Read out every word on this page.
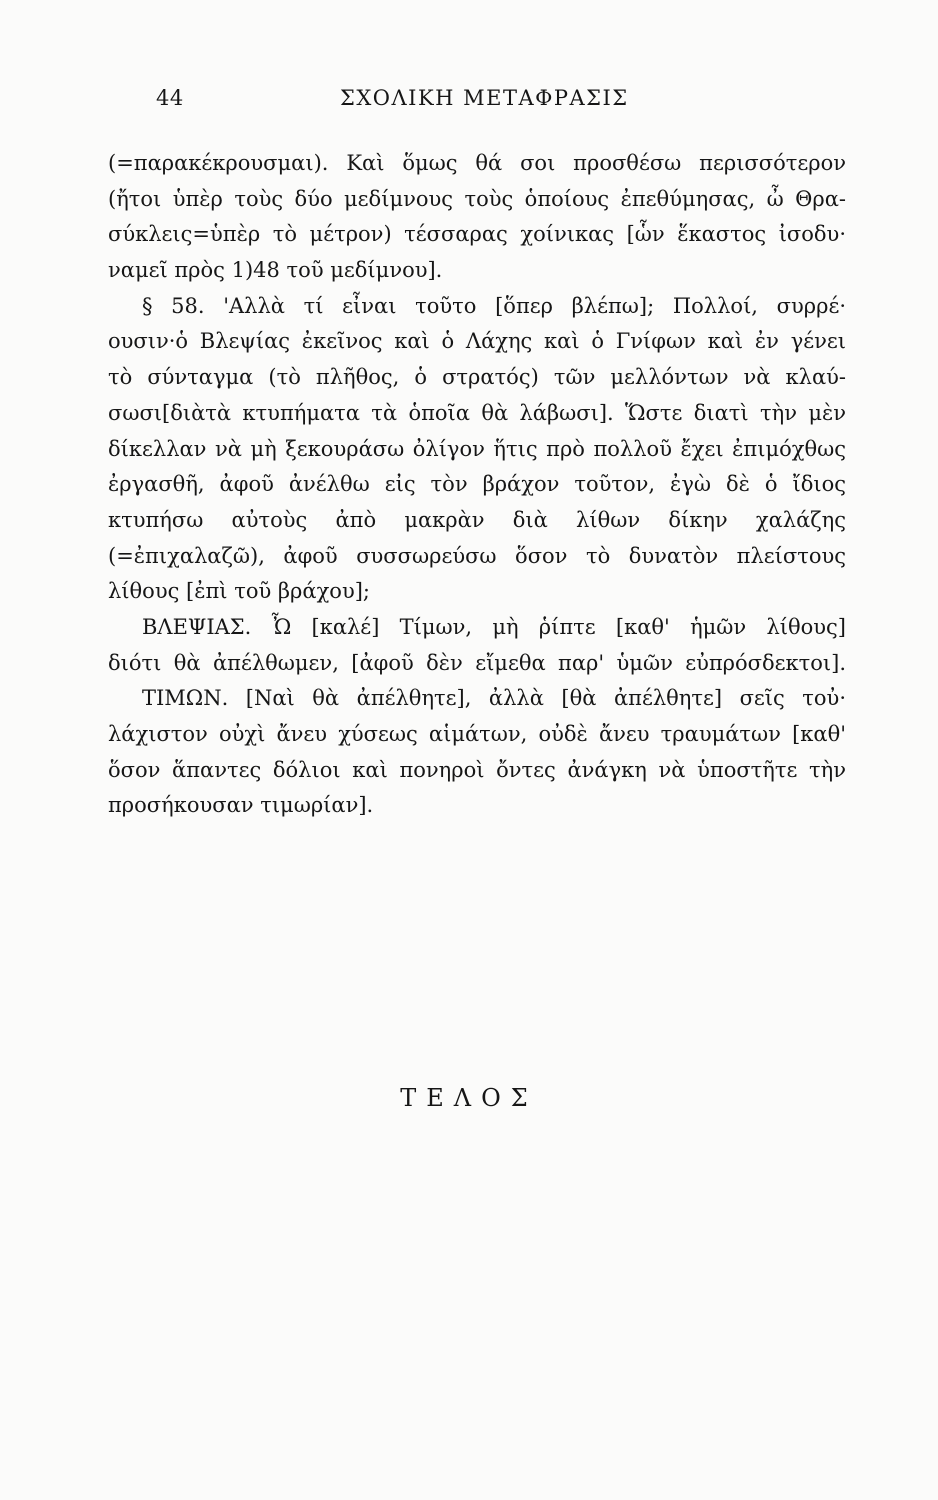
44	ΣΧΟΛΙΚΗ ΜΕΤΑΦΡΑΣΙΣ
(=παρακέκρουσμαι). Καὶ ὅμως θά σοι προσθέσω περισσότερον
(ἤτοι ὑπὲρ τοὺς δύο μεδίμνους τοὺς ὁποίους ἐπεθύμησας, ὦ Θρα-
σύκλεις=ὑπὲρ τὸ μέτρον) τέσσαρας χοίνικας [ὧν ἕκαστος ἰσοδυ·
ναμεῖ πρὸς 1)48 τοῦ μεδίμνου].
§ 58. 'Αλλὰ τί εἶναι τοῦτο [ὅπερ βλέπω]; Πολλοί, συρρέ·
ουσιν·ὁ Βλεψίας ἐκεῖνος καὶ ὁ Λάχης καὶ ὁ Γνίφων καὶ ἐν γένει
τὸ σύνταγμα (τὸ πλῆθος, ὁ στρατός) τῶν μελλόντων νὰ κλαύ-
σωσι[διὰτὰ κτυπήματα τὰ ὁποῖα θὰ λάβωσι]. Ὥστε διατὶ τὴν μὲν
δίκελλαν νὰ μὴ ξεκουράσω ὀλίγον ἥτις πρὸ πολλοῦ ἔχει ἐπιμόχθως
ἐργασθῆ, ἀφοῦ ἀνέλθω εἰς τὸν βράχον τοῦτον, ἐγὼ δὲ ὁ ἴδιος
κτυπήσω αὐτοὺς ἀπὸ μακρὰν διὰ λίθων δίκην χαλάζης
(=ἐπιχαλαζῶ), ἀφοῦ συσσωρεύσω ὅσον τὸ δυνατὸν πλείστους
λίθους [ἐπὶ τοῦ βράχου];
ΒΛΕΨΙΑΣ. Ὦ [καλέ] Τίμων, μὴ ῥίπτε [καθ' ἡμῶν λίθους]
διότι θὰ ἀπέλθωμεν, [ἀφοῦ δὲν εἴμεθα παρ' ὑμῶν εὐπρόσδεκτοι].
ΤΙΜΩΝ. [Ναὶ θὰ ἀπέλθητε], ἀλλὰ [θὰ ἀπέλθητε] σεῖς τοὐ·
λάχιστον οὐχὶ ἄνευ χύσεως αἱμάτων, οὐδὲ ἄνευ τραυμάτων [καθ'
ὅσον ἅπαντες δόλιοι καὶ πονηροὶ ὄντες ἀνάγκη νὰ ὑποστῆτε τὴν
προσήκουσαν τιμωρίαν].
ΤΕΛΟΣ
